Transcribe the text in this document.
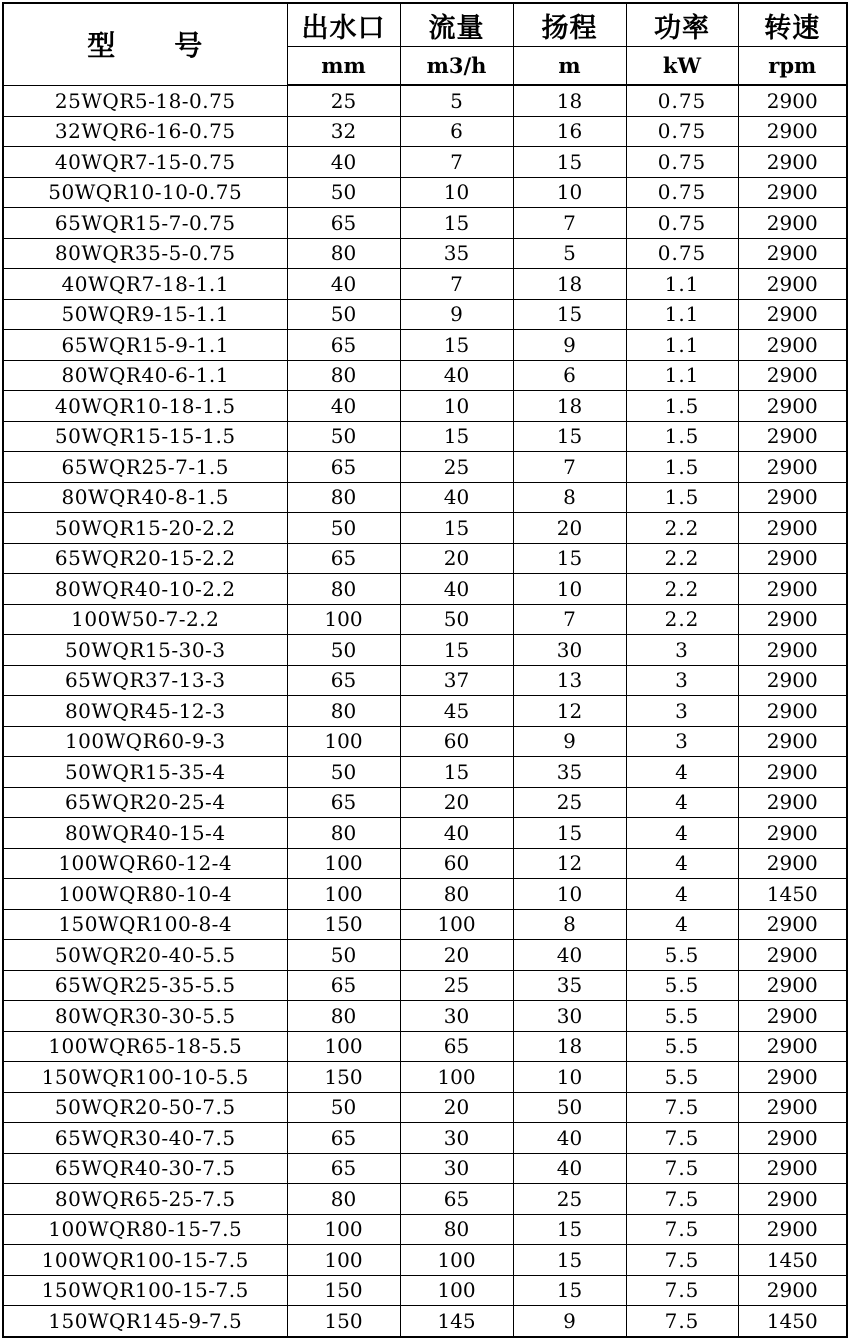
型　　号	出水口	流量	扬程	功率	转速
	mm	m3/h	m	kW	rpm
25WQR5-18-0.75	25	5	18	0.75	2900
32WQR6-16-0.75	32	6	16	0.75	2900
40WQR7-15-0.75	40	7	15	0.75	2900
50WQR10-10-0.75	50	10	10	0.75	2900
65WQR15-7-0.75	65	15	7	0.75	2900
80WQR35-5-0.75	80	35	5	0.75	2900
40WQR7-18-1.1	40	7	18	1.1	2900
50WQR9-15-1.1	50	9	15	1.1	2900
65WQR15-9-1.1	65	15	9	1.1	2900
80WQR40-6-1.1	80	40	6	1.1	2900
40WQR10-18-1.5	40	10	18	1.5	2900
50WQR15-15-1.5	50	15	15	1.5	2900
65WQR25-7-1.5	65	25	7	1.5	2900
80WQR40-8-1.5	80	40	8	1.5	2900
50WQR15-20-2.2	50	15	20	2.2	2900
65WQR20-15-2.2	65	20	15	2.2	2900
80WQR40-10-2.2	80	40	10	2.2	2900
100W50-7-2.2	100	50	7	2.2	2900
50WQR15-30-3	50	15	30	3	2900
65WQR37-13-3	65	37	13	3	2900
80WQR45-12-3	80	45	12	3	2900
100WQR60-9-3	100	60	9	3	2900
50WQR15-35-4	50	15	35	4	2900
65WQR20-25-4	65	20	25	4	2900
80WQR40-15-4	80	40	15	4	2900
100WQR60-12-4	100	60	12	4	2900
100WQR80-10-4	100	80	10	4	1450
150WQR100-8-4	150	100	8	4	2900
50WQR20-40-5.5	50	20	40	5.5	2900
65WQR25-35-5.5	65	25	35	5.5	2900
80WQR30-30-5.5	80	30	30	5.5	2900
100WQR65-18-5.5	100	65	18	5.5	2900
150WQR100-10-5.5	150	100	10	5.5	2900
50WQR20-50-7.5	50	20	50	7.5	2900
65WQR30-40-7.5	65	30	40	7.5	2900
65WQR40-30-7.5	65	30	40	7.5	2900
80WQR65-25-7.5	80	65	25	7.5	2900
100WQR80-15-7.5	100	80	15	7.5	2900
100WQR100-15-7.5	100	100	15	7.5	1450
150WQR100-15-7.5	150	100	15	7.5	2900
150WQR145-9-7.5	150	145	9	7.5	1450
